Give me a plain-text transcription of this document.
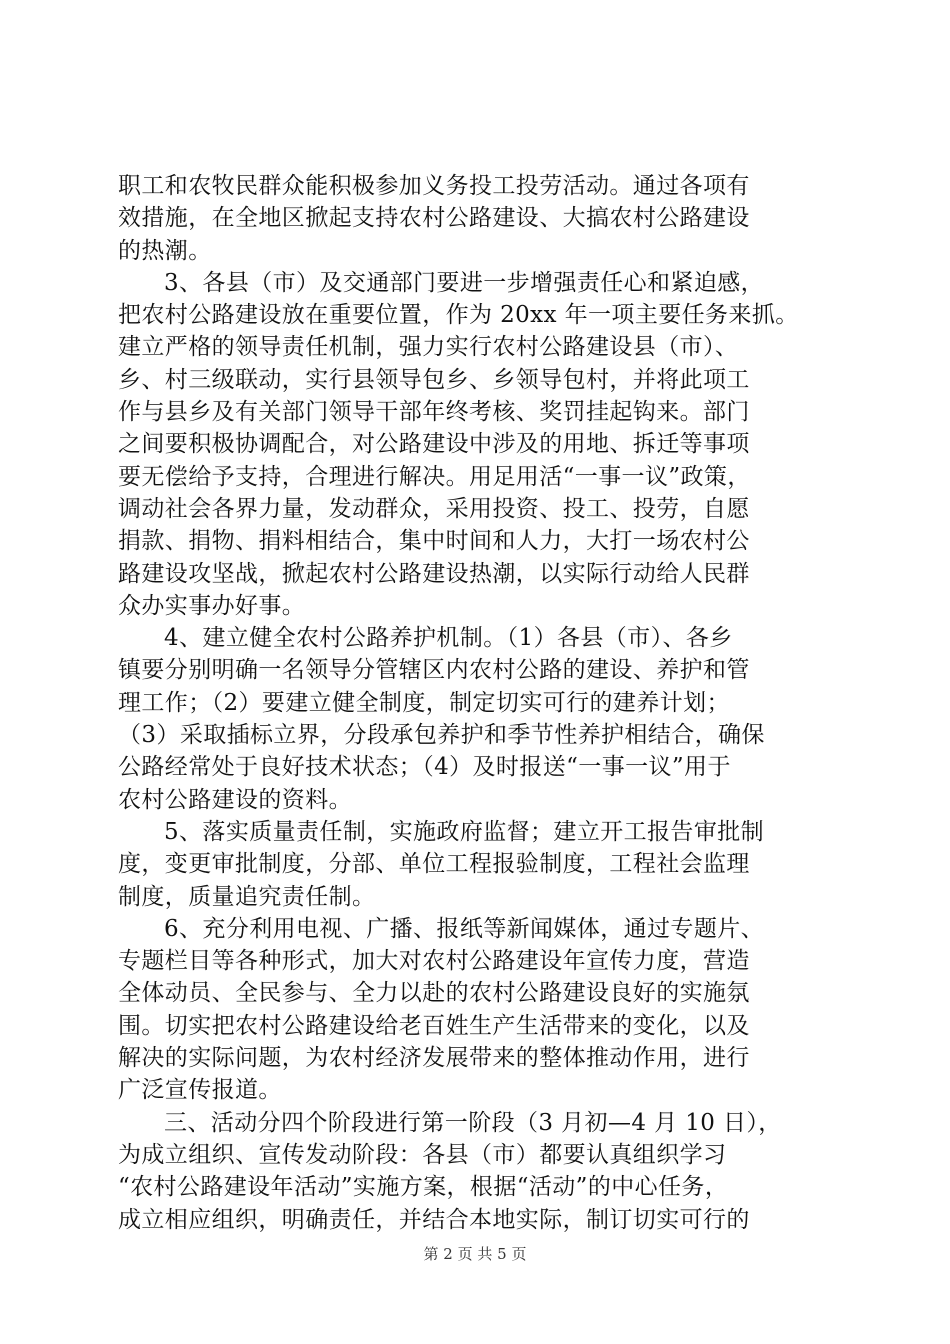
职工和农牧民群众能积极参加义务投工投劳活动。通过各项有
效措施，在全地区掀起支持农村公路建设、大搞农村公路建设
的热潮。
3、各县（市）及交通部门要进一步增强责任心和紧迫感，
把农村公路建设放在重要位置，作为 20xx 年一项主要任务来抓。
建立严格的领导责任机制，强力实行农村公路建设县（市）、
乡、村三级联动，实行县领导包乡、乡领导包村，并将此项工
作与县乡及有关部门领导干部年终考核、奖罚挂起钩来。部门
之间要积极协调配合，对公路建设中涉及的用地、拆迁等事项
要无偿给予支持，合理进行解决。用足用活“一事一议”政策，
调动社会各界力量，发动群众，采用投资、投工、投劳，自愿
捐款、捐物、捐料相结合，集中时间和人力，大打一场农村公
路建设攻坚战，掀起农村公路建设热潮，以实际行动给人民群
众办实事办好事。
4、建立健全农村公路养护机制。（1）各县（市）、各乡
镇要分别明确一名领导分管辖区内农村公路的建设、养护和管
理工作；（2）要建立健全制度，制定切实可行的建养计划；
（3）采取插标立界，分段承包养护和季节性养护相结合，确保
公路经常处于良好技术状态；（4）及时报送“一事一议”用于
农村公路建设的资料。
5、落实质量责任制，实施政府监督；建立开工报告审批制
度，变更审批制度，分部、单位工程报验制度，工程社会监理
制度，质量追究责任制。
6、充分利用电视、广播、报纸等新闻媒体，通过专题片、
专题栏目等各种形式，加大对农村公路建设年宣传力度，营造
全体动员、全民参与、全力以赴的农村公路建设良好的实施氛
围。切实把农村公路建设给老百姓生产生活带来的变化，以及
解决的实际问题，为农村经济发展带来的整体推动作用，进行
广泛宣传报道。
三、活动分四个阶段进行第一阶段（3 月初—4 月 10 日），
为成立组织、宣传发动阶段：各县（市）都要认真组织学习
“农村公路建设年活动”实施方案，根据“活动”的中心任务，
成立相应组织，明确责任，并结合本地实际，制订切实可行的
第 2 页 共 5 页
